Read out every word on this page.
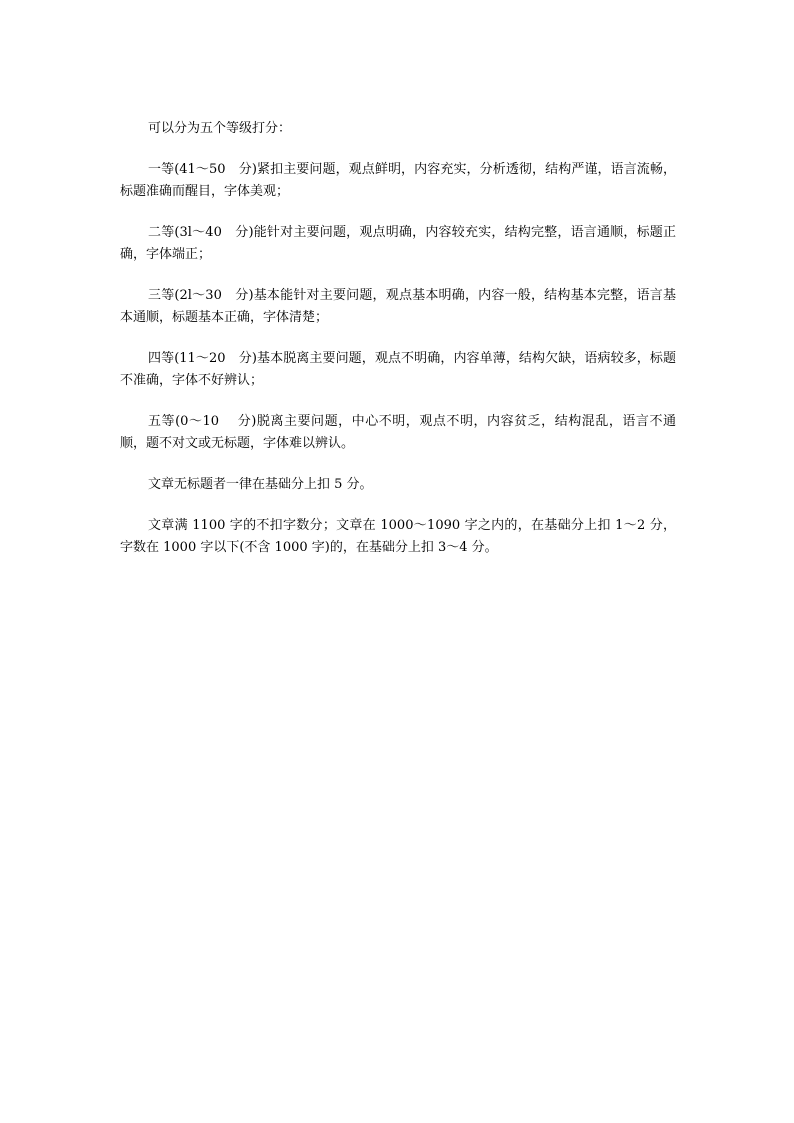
可以分为五个等级打分：

一等(41～50　分)紧扣主要问题，观点鲜明，内容充实，分析透彻，结构严谨，语言流畅，标题准确而醒目，字体美观；

二等(3l～40　分)能针对主要问题，观点明确，内容较充实，结构完整，语言通顺，标题正确，字体端正；

三等(2l～30　分)基本能针对主要问题，观点基本明确，内容一般，结构基本完整，语言基本通顺，标题基本正确，字体清楚；

四等(11～20　分)基本脱离主要问题，观点不明确，内容单薄，结构欠缺，语病较多，标题不准确，字体不好辨认；

五等(0～10　 分)脱离主要问题，中心不明，观点不明，内容贫乏，结构混乱，语言不通顺，题不对文或无标题，字体难以辨认。

文章无标题者一律在基础分上扣 5 分。

文章满 1100 字的不扣字数分；文章在 1000～1090 字之内的，在基础分上扣 1～2 分，字数在 1000 字以下(不含 1000 字)的，在基础分上扣 3～4 分。
